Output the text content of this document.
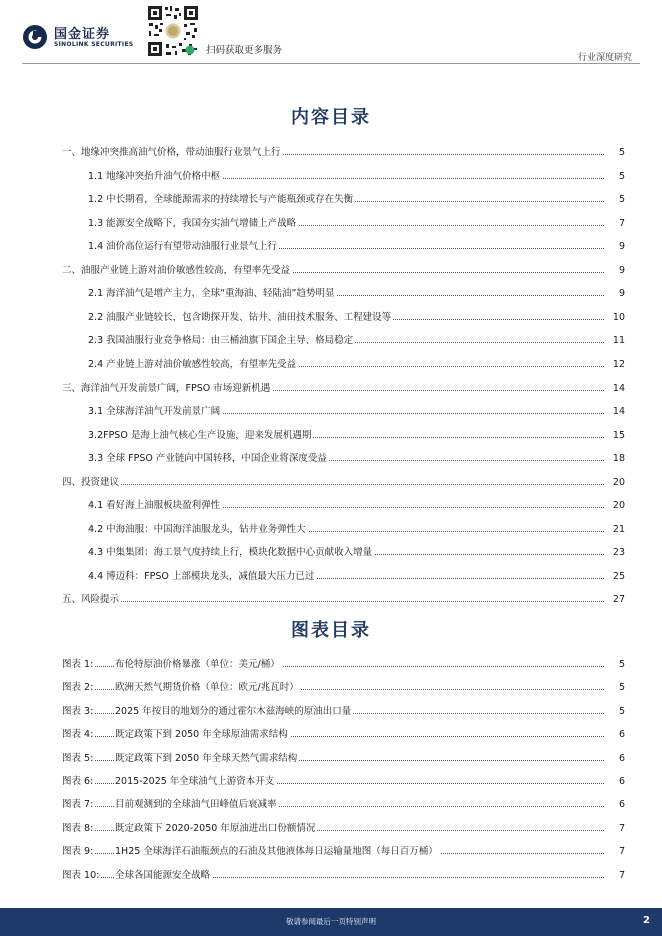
国金证券
SINOLINK SECURITIES
扫码获取更多服务
行业深度研究
内容目录
一、地缘冲突推高油气价格，带动油服行业景气上行	5
1.1 地缘冲突抬升油气价格中枢	5
1.2 中长期看，全球能源需求的持续增长与产能瓶颈或存在失衡	5
1.3 能源安全战略下，我国夯实油气增储上产战略	7
1.4 油价高位运行有望带动油服行业景气上行	9
二、油服产业链上游对油价敏感性较高，有望率先受益	9
2.1 海洋油气是增产主力，全球“重海油、轻陆油”趋势明显	9
2.2 油服产业链较长，包含勘探开发、钻井、油田技术服务、工程建设等	10
2.3 我国油服行业竞争格局：由三桶油旗下国企主导、格局稳定	11
2.4 产业链上游对油价敏感性较高，有望率先受益	12
三、海洋油气开发前景广阔，FPSO 市场迎新机遇	14
3.1 全球海洋油气开发前景广阔	14
3.2FPSO 是海上油气核心生产设施，迎来发展机遇期	15
3.3 全球 FPSO 产业链向中国转移，中国企业将深度受益	18
四、投资建议	20
4.1 看好海上油服板块盈利弹性	20
4.2 中海油服：中国海洋油服龙头，钻井业务弹性大	21
4.3 中集集团：海工景气度持续上行，模块化数据中心贡献收入增量	23
4.4 博迈科：FPSO 上部模块龙头，减值最大压力已过	25
五、风险提示	27
图表目录
图表 1: 布伦特原油价格暴涨（单位：美元/桶）	5
图表 2: 欧洲天然气期货价格（单位：欧元/兆瓦时）	5
图表 3: 2025 年按目的地划分的通过霍尔木兹海峡的原油出口量	5
图表 4: 既定政策下到 2050 年全球原油需求结构	6
图表 5: 既定政策下到 2050 年全球天然气需求结构	6
图表 6: 2015-2025 年全球油气上游资本开支	6
图表 7: 目前观测到的全球油气田峰值后衰减率	6
图表 8: 既定政策下 2020-2050 年原油进出口份额情况	7
图表 9: 1H25 全球海洋石油瓶颈点的石油及其他液体每日运输量地图（每日百万桶）	7
图表 10: 全球各国能源安全战略	7
敬请参阅最后一页特别声明	2
